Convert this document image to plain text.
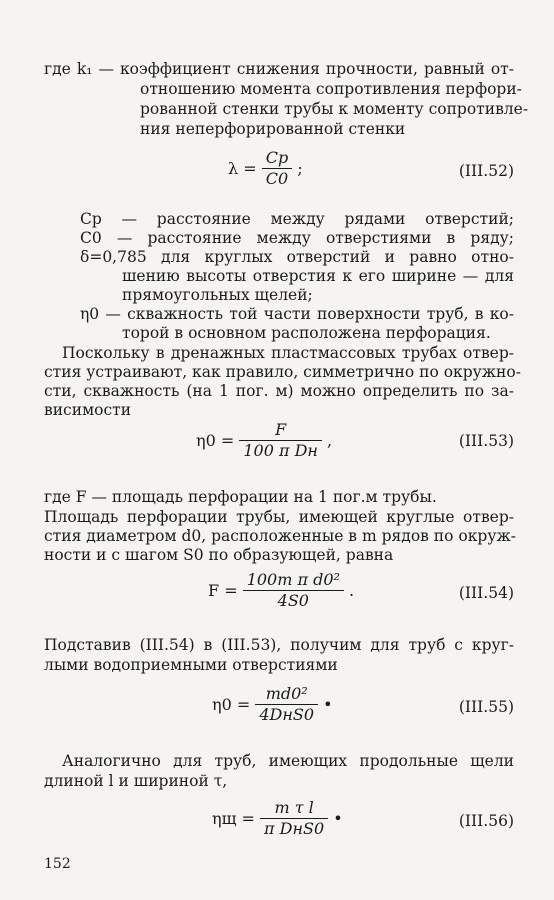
где k₁ — коэффициент снижения прочности, равный от-
отношению момента сопротивления перфори-
рованной стенки трубы к моменту сопротивле-
ния неперфорированной стенки
$\lambda = \frac{Cр}{C0}$ ;	(III.52)
Cр — расстояние между рядами отверстий;
C0 — расстояние между отверстиями в ряду;
δ=0,785 для круглых отверстий и равно отно-
шению высоты отверстия к его ширине — для
прямоугольных щелей;
η0 — скважность той части поверхности труб, в ко-
торой в основном расположена перфорация.
Поскольку в дренажных пластмассовых трубах отвер-
стия устраивают, как правило, симметрично по окружно-
сти, скважность (на 1 пог. м) можно определить по за-
висимости
$\eta 0 = \frac{F}{\text{100 π Dн}}$ ,	(III.53)
где F — площадь перфорации на 1 пог.м трубы.
Площадь перфорации трубы, имеющей круглые отвер-
стия диаметром d0, расположенные в m рядов по окруж-
ности и с шагом S0 по образующей, равна
$F = \frac{\text{100m π d0²}}{4S0}$ .	(III.54)
Подставив (III.54) в (III.53), получим для труб с круг-
лыми водоприемными отверстиями
$\eta 0 = \frac{\text{md0²}}{\text{4DнS0}}$ •	(III.55)
Аналогично для труб, имеющих продольные щели
длиной l и шириной τ,
$\eta щ = \frac{\text{m τ l}}{\text{π DнS0}}$ •	(III.56)
152
